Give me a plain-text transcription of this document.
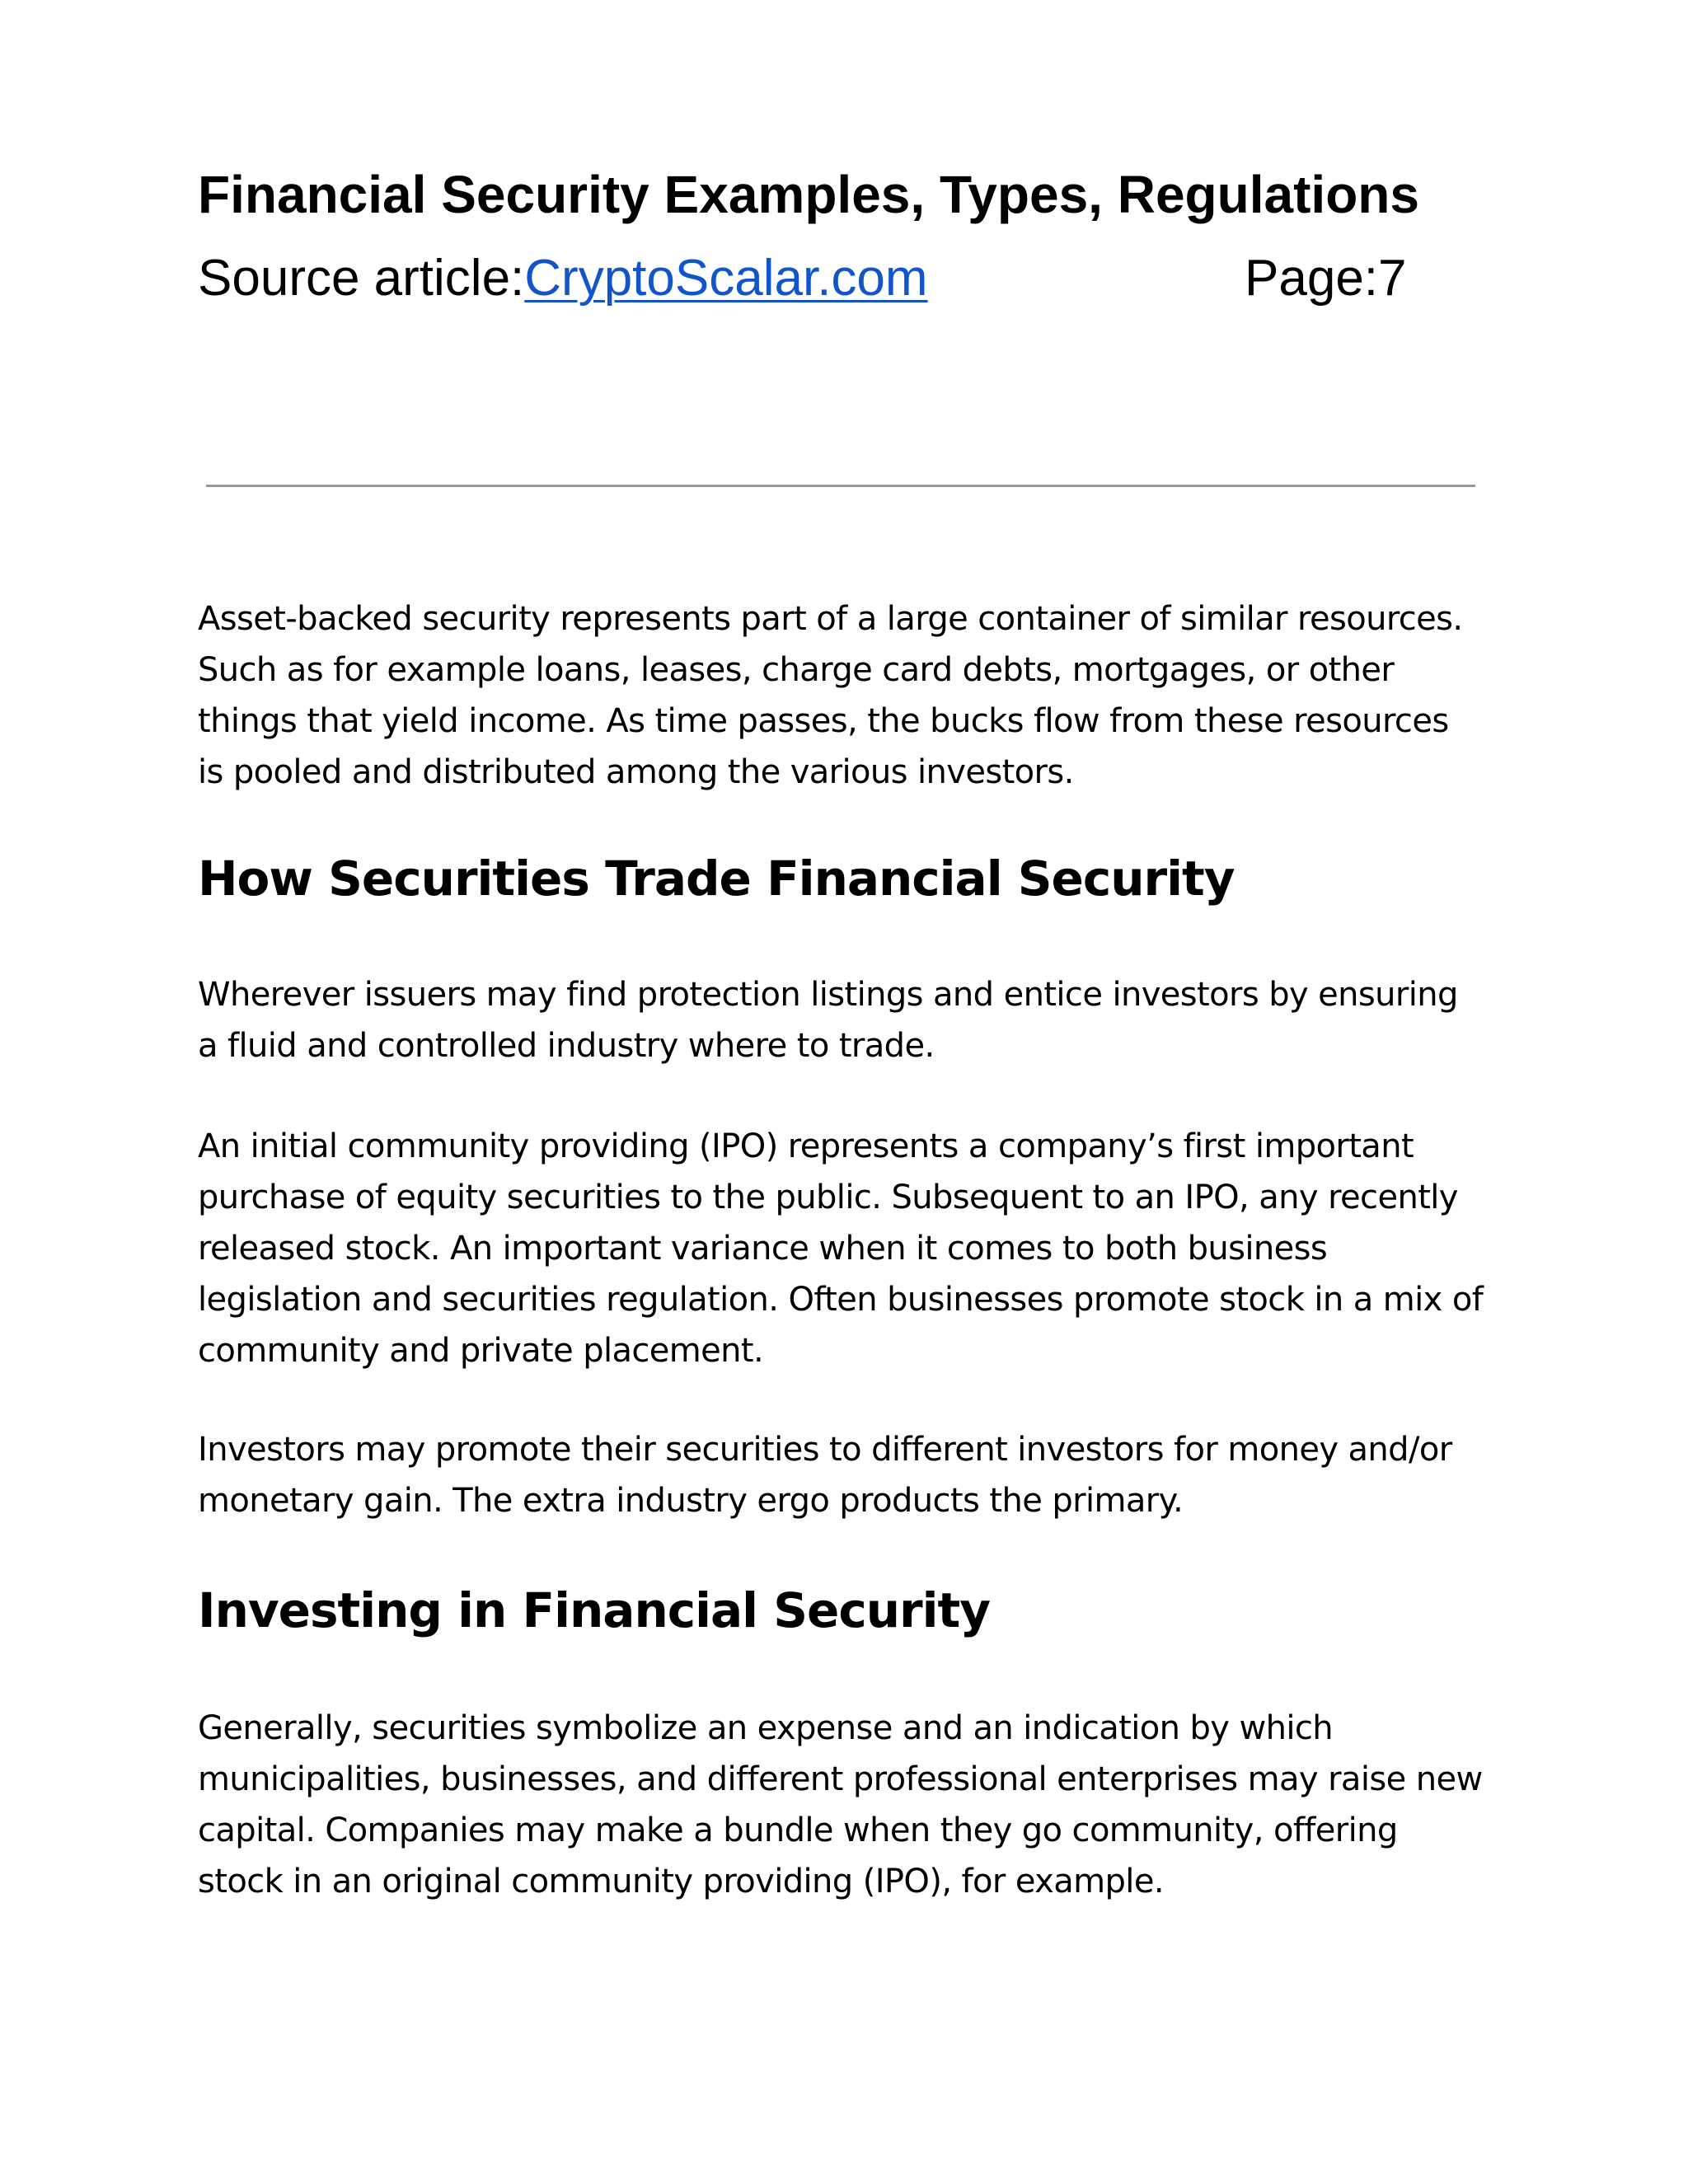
Financial Security Examples, Types, Regulations
Source article:CryptoScalar.com	Page:7

Asset-backed security represents part of a large container of similar resources. Such as for example loans, leases, charge card debts, mortgages, or other things that yield income. As time passes, the bucks flow from these resources is pooled and distributed among the various investors.

How Securities Trade Financial Security

Wherever issuers may find protection listings and entice investors by ensuring a fluid and controlled industry where to trade.

An initial community providing (IPO) represents a company’s first important purchase of equity securities to the public. Subsequent to an IPO, any recently released stock. An important variance when it comes to both business legislation and securities regulation. Often businesses promote stock in a mix of community and private placement.

Investors may promote their securities to different investors for money and/or monetary gain. The extra industry ergo products the primary.

Investing in Financial Security

Generally, securities symbolize an expense and an indication by which municipalities, businesses, and different professional enterprises may raise new capital. Companies may make a bundle when they go community, offering stock in an original community providing (IPO), for example.
